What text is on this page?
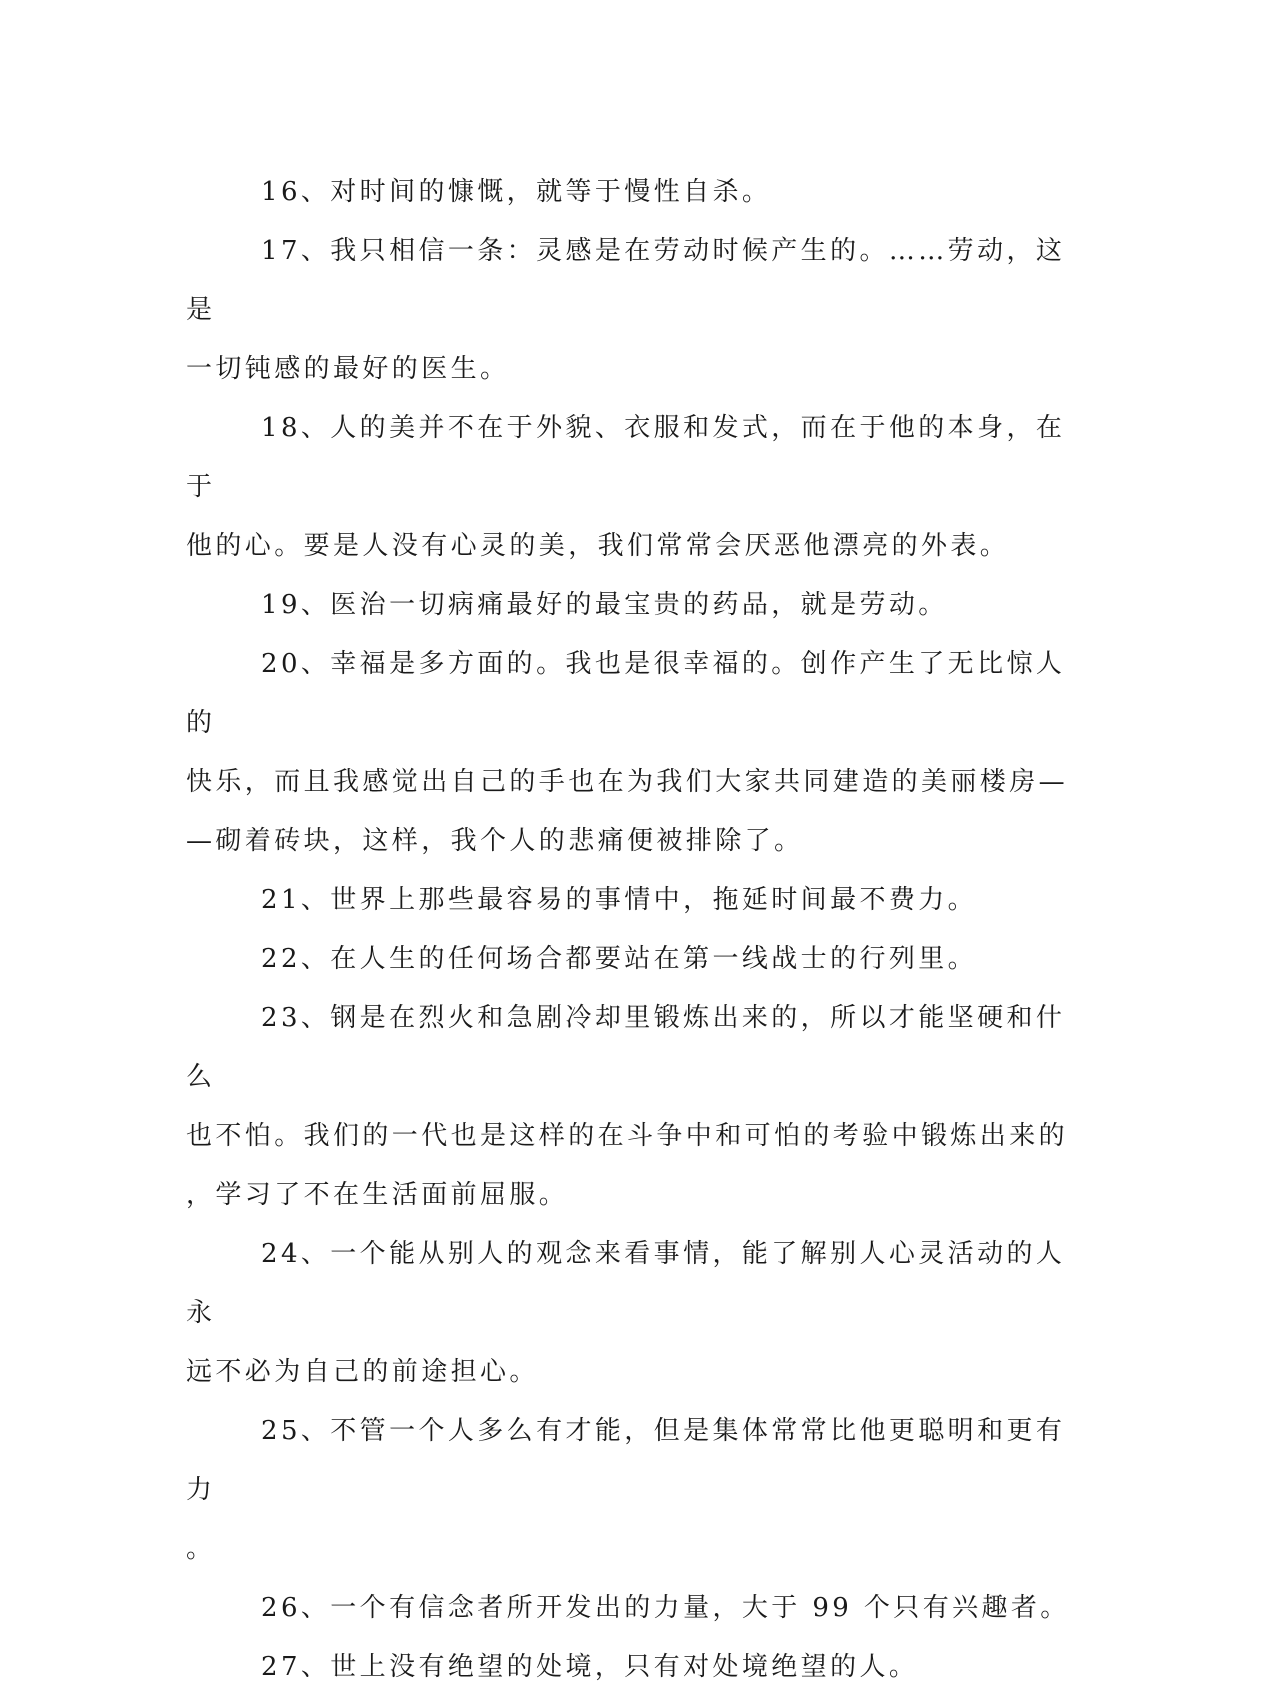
16、对时间的慷慨，就等于慢性自杀。

17、我只相信一条：灵感是在劳动时候产生的。……劳动，这是
一切钝感的最好的医生。

18、人的美并不在于外貌、衣服和发式，而在于他的本身，在于
他的心。要是人没有心灵的美，我们常常会厌恶他漂亮的外表。

19、医治一切病痛最好的最宝贵的药品，就是劳动。

20、幸福是多方面的。我也是很幸福的。创作产生了无比惊人的
快乐，而且我感觉出自己的手也在为我们大家共同建造的美丽楼房—
—砌着砖块，这样，我个人的悲痛便被排除了。

21、世界上那些最容易的事情中，拖延时间最不费力。

22、在人生的任何场合都要站在第一线战士的行列里。

23、钢是在烈火和急剧冷却里锻炼出来的，所以才能坚硬和什么
也不怕。我们的一代也是这样的在斗争中和可怕的考验中锻炼出来的
，学习了不在生活面前屈服。

24、一个能从别人的观念来看事情，能了解别人心灵活动的人永
远不必为自己的前途担心。

25、不管一个人多么有才能，但是集体常常比他更聪明和更有力
。

26、一个有信念者所开发出的力量，大于 99 个只有兴趣者。

27、世上没有绝望的处境，只有对处境绝望的人。
